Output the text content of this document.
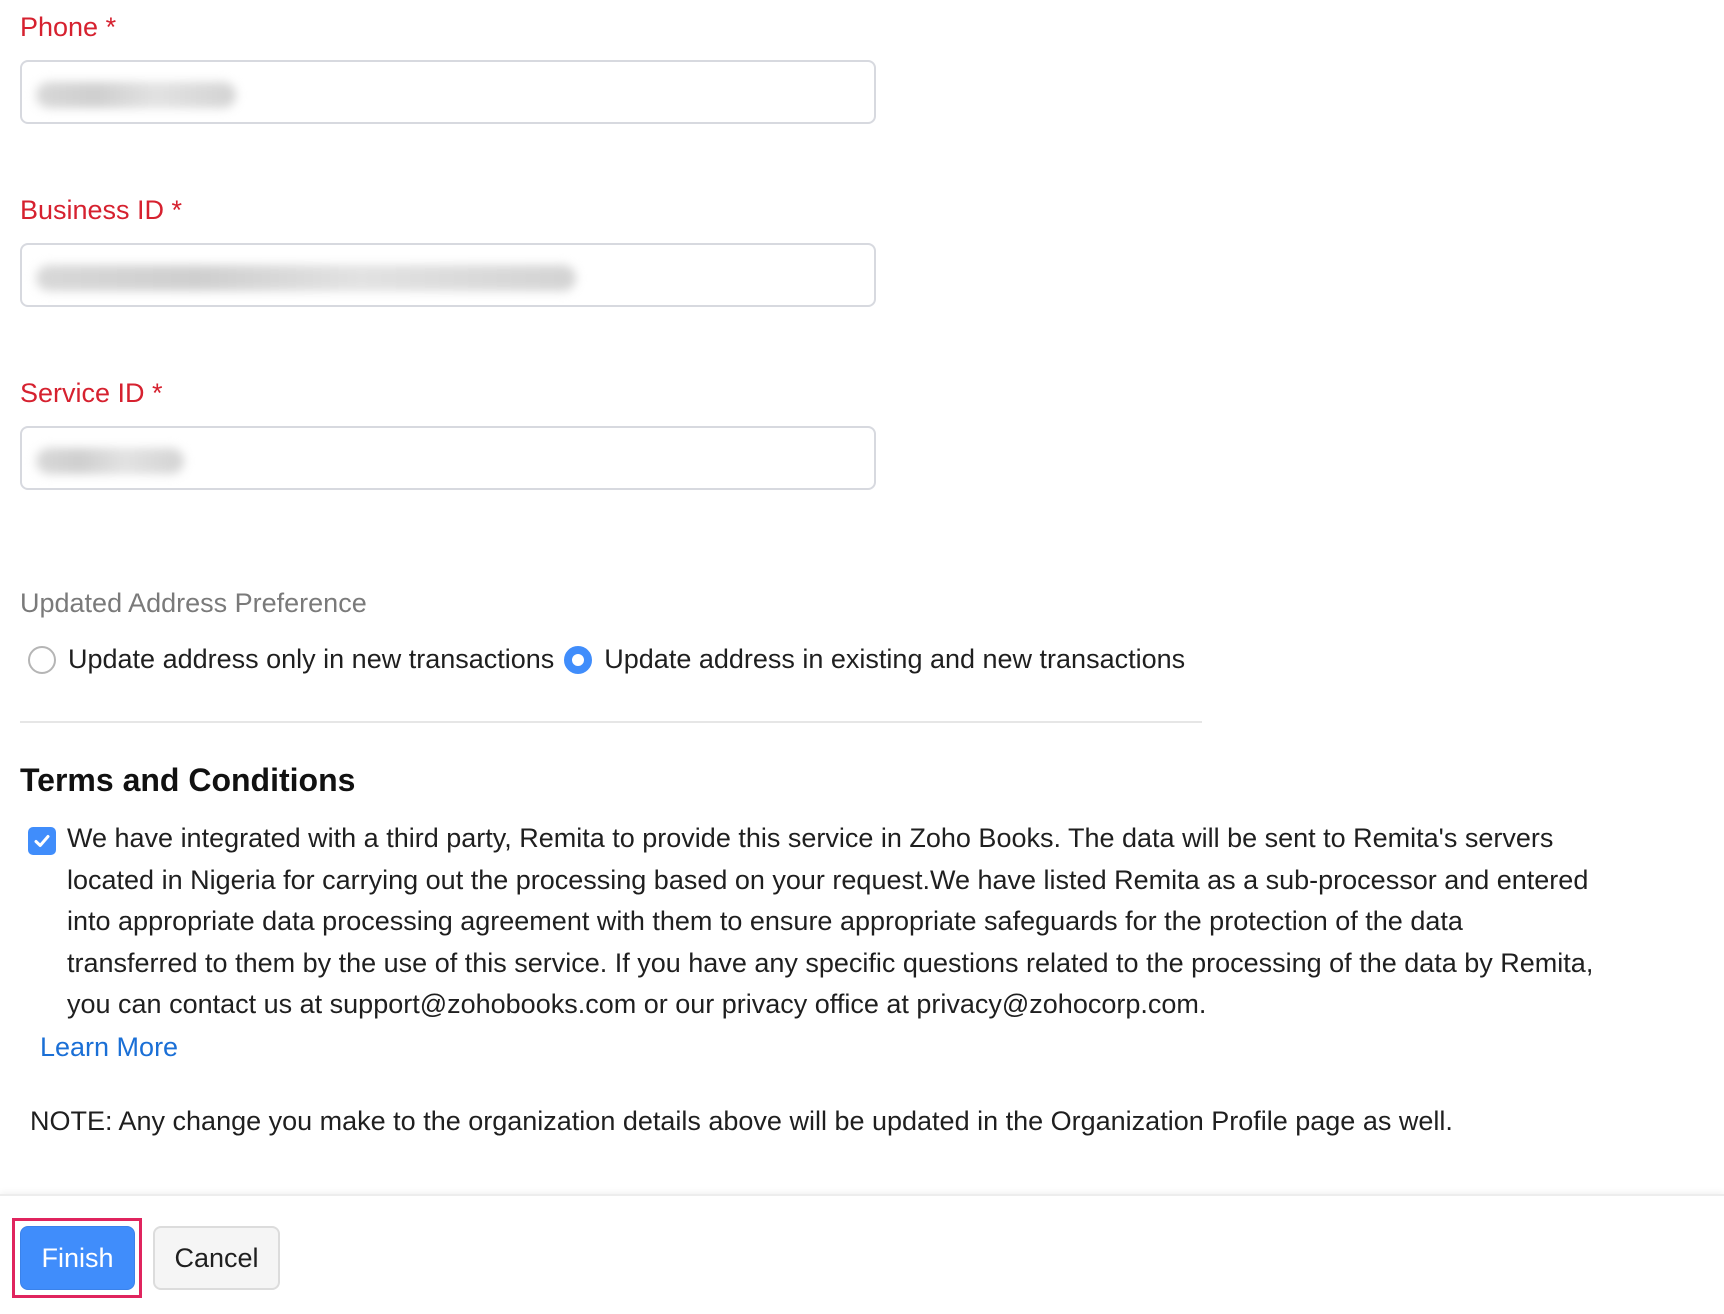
Phone *
Business ID *
Service ID *
Updated Address Preference
Update address only in new transactions Update address in existing and new transactions
Terms and Conditions
We have integrated with a third party, Remita to provide this service in Zoho Books. The data will be sent to Remita's servers located in Nigeria for carrying out the processing based on your request.We have listed Remita as a sub-processor and entered into appropriate data processing agreement with them to ensure appropriate safeguards for the protection of the data transferred to them by the use of this service. If you have any specific questions related to the processing of the data by Remita, you can contact us at support@zohobooks.com or our privacy office at privacy@zohocorp.com.
Learn More
NOTE: Any change you make to the organization details above will be updated in the Organization Profile page as well.
Finish	Cancel
